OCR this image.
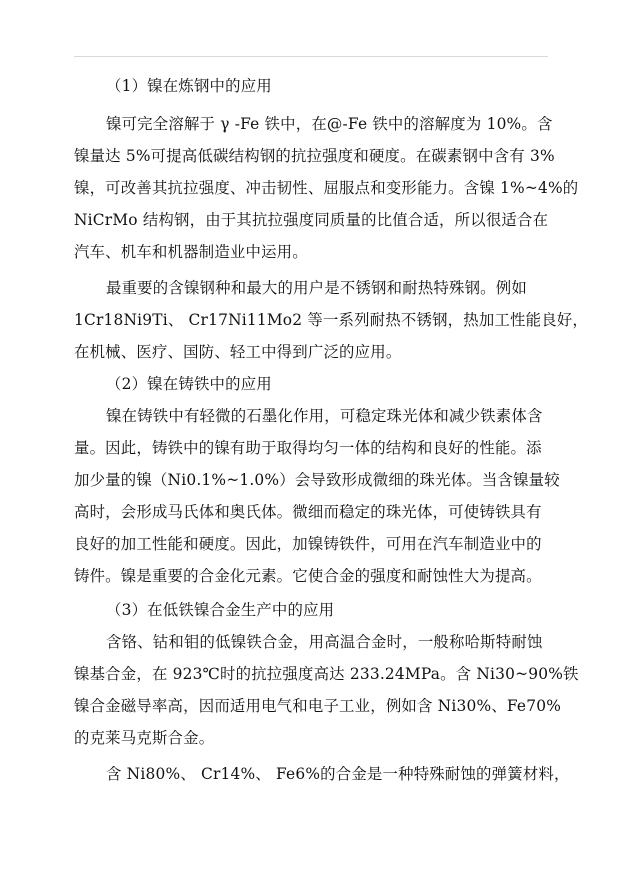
（1）镍在炼钢中的应用
镍可完全溶解于 γ -Fe 铁中，在@-Fe 铁中的溶解度为 10%。含
镍量达 5%可提高低碳结构钢的抗拉强度和硬度。在碳素钢中含有 3%
镍，可改善其抗拉强度、冲击韧性、屈服点和变形能力。含镍 1%~4%的
NiCrMo 结构钢，由于其抗拉强度同质量的比值合适，所以很适合在
汽车、机车和机器制造业中运用。
最重要的含镍钢种和最大的用户是不锈钢和耐热特殊钢。例如
1Cr18Ni9Ti、 Cr17Ni11Mo2 等一系列耐热不锈钢，热加工性能良好，
在机械、医疗、国防、轻工中得到广泛的应用。
（2）镍在铸铁中的应用
镍在铸铁中有轻微的石墨化作用，可稳定珠光体和减少铁素体含
量。因此，铸铁中的镍有助于取得均匀一体的结构和良好的性能。添
加少量的镍（Ni0.1%~1.0%）会导致形成微细的珠光体。当含镍量较
高时，会形成马氏体和奥氏体。微细而稳定的珠光体，可使铸铁具有
良好的加工性能和硬度。因此，加镍铸铁件，可用在汽车制造业中的
铸件。镍是重要的合金化元素。它使合金的强度和耐蚀性大为提高。
（3）在低铁镍合金生产中的应用
含铬、钴和钼的低镍铁合金，用高温合金时，一般称哈斯特耐蚀
镍基合金，在 923℃时的抗拉强度高达 233.24MPa。含 Ni30~90%铁
镍合金磁导率高，因而适用电气和电子工业，例如含 Ni30%、Fe70%
的克莱马克斯合金。
含 Ni80%、 Cr14%、 Fe6%的合金是一种特殊耐蚀的弹簧材料，
